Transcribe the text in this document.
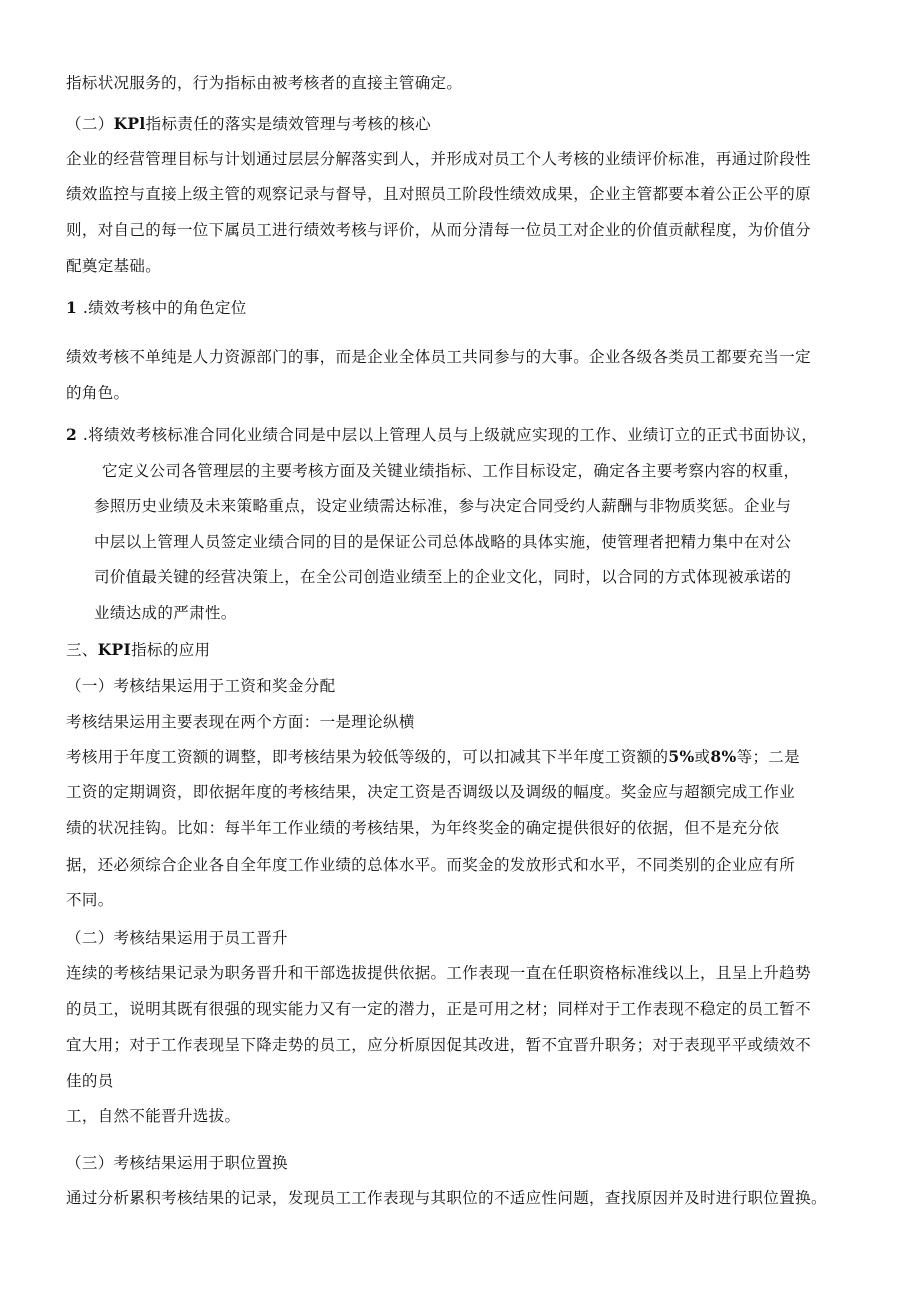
指标状况服务的，行为指标由被考核者的直接主管确定。
（二）KPl指标责任的落实是绩效管理与考核的核心
企业的经营管理目标与计划通过层层分解落实到人，并形成对员工个人考核的业绩评价标准，再通过阶段性
绩效监控与直接上级主管的观察记录与督导，且对照员工阶段性绩效成果，企业主管都要本着公正公平的原
则，对自己的每一位下属员工进行绩效考核与评价，从而分清每一位员工对企业的价值贡献程度，为价值分
配奠定基础。
1 .绩效考核中的角色定位
绩效考核不单纯是人力资源部门的事，而是企业全体员工共同参与的大事。企业各级各类员工都要充当一定
的角色。
2 .将绩效考核标准合同化业绩合同是中层以上管理人员与上级就应实现的工作、业绩订立的正式书面协议，
它定义公司各管理层的主要考核方面及关键业绩指标、工作目标设定，确定各主要考察内容的权重，
参照历史业绩及未来策略重点，设定业绩需达标准，参与决定合同受约人薪酬与非物质奖惩。企业与
中层以上管理人员签定业绩合同的目的是保证公司总体战略的具体实施，使管理者把精力集中在对公
司价值最关键的经营决策上，在全公司创造业绩至上的企业文化，同时，以合同的方式体现被承诺的
业绩达成的严肃性。
三、KPI指标的应用
（一）考核结果运用于工资和奖金分配
考核结果运用主要表现在两个方面：一是理论纵横
考核用于年度工资额的调整，即考核结果为较低等级的，可以扣减其下半年度工资额的5%或8%等；二是
工资的定期调资，即依据年度的考核结果，决定工资是否调级以及调级的幅度。奖金应与超额完成工作业
绩的状况挂钩。比如：每半年工作业绩的考核结果，为年终奖金的确定提供很好的依据，但不是充分依
据，还必须综合企业各自全年度工作业绩的总体水平。而奖金的发放形式和水平，不同类别的企业应有所
不同。
（二）考核结果运用于员工晋升
连续的考核结果记录为职务晋升和干部选拔提供依据。工作表现一直在任职资格标准线以上，且呈上升趋势
的员工，说明其既有很强的现实能力又有一定的潜力，正是可用之材；同样对于工作表现不稳定的员工暂不
宜大用；对于工作表现呈下降走势的员工，应分析原因促其改进，暂不宜晋升职务；对于表现平平或绩效不
佳的员
工，自然不能晋升选拔。
（三）考核结果运用于职位置换
通过分析累积考核结果的记录，发现员工工作表现与其职位的不适应性问题，查找原因并及时进行职位置换。
